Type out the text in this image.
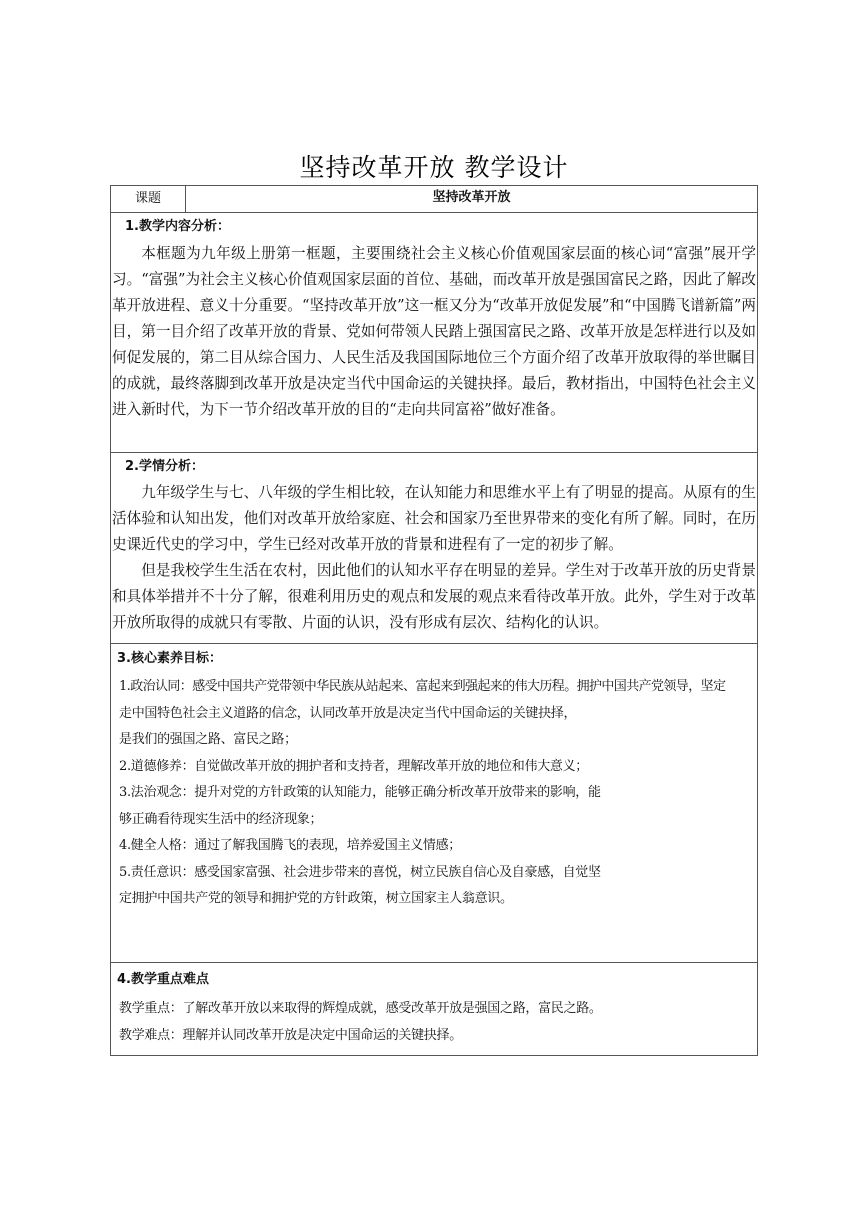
坚持改革开放 教学设计
课题	坚持改革开放
1.教学内容分析：

本框题为九年级上册第一框题，主要围绕社会主义核心价值观国家层面的核心词“富强”展开学习。“富强”为社会主义核心价值观国家层面的首位、基础，而改革开放是强国富民之路，因此了解改革开放进程、意义十分重要。“坚持改革开放”这一框又分为“改革开放促发展”和“中国腾飞谱新篇”两目，第一目介绍了改革开放的背景、党如何带领人民踏上强国富民之路、改革开放是怎样进行以及如何促发展的，第二目从综合国力、人民生活及我国国际地位三个方面介绍了改革开放取得的举世瞩目的成就，最终落脚到改革开放是决定当代中国命运的关键抉择。最后，教材指出，中国特色社会主义进入新时代，为下一节介绍改革开放的目的“走向共同富裕”做好准备。

2.学情分析：

九年级学生与七、八年级的学生相比较，在认知能力和思维水平上有了明显的提高。从原有的生活体验和认知出发，他们对改革开放给家庭、社会和国家乃至世界带来的变化有所了解。同时，在历史课近代史的学习中，学生已经对改革开放的背景和进程有了一定的初步了解。

但是我校学生生活在农村，因此他们的认知水平存在明显的差异。学生对于改革开放的历史背景和具体举措并不十分了解，很难利用历史的观点和发展的观点来看待改革开放。此外，学生对于改革开放所取得的成就只有零散、片面的认识，没有形成有层次、结构化的认识。

3.核心素养目标：
1.政治认同：感受中国共产党带领中华民族从站起来、富起来到强起来的伟大历程。拥护中国共产党领导，坚定
走中国特色社会主义道路的信念，认同改革开放是决定当代中国命运的关键抉择，
是我们的强国之路、富民之路；
2.道德修养：自觉做改革开放的拥护者和支持者，理解改革开放的地位和伟大意义；
3.法治观念：提升对党的方针政策的认知能力，能够正确分析改革开放带来的影响，能
够正确看待现实生活中的经济现象；
4.健全人格：通过了解我国腾飞的表现，培养爱国主义情感；
5.责任意识：感受国家富强、社会进步带来的喜悦，树立民族自信心及自豪感，自觉坚
定拥护中国共产党的领导和拥护党的方针政策，树立国家主人翁意识。
4.教学重点难点
教学重点：了解改革开放以来取得的辉煌成就，感受改革开放是强国之路，富民之路。
教学难点：理解并认同改革开放是决定中国命运的关键抉择。
